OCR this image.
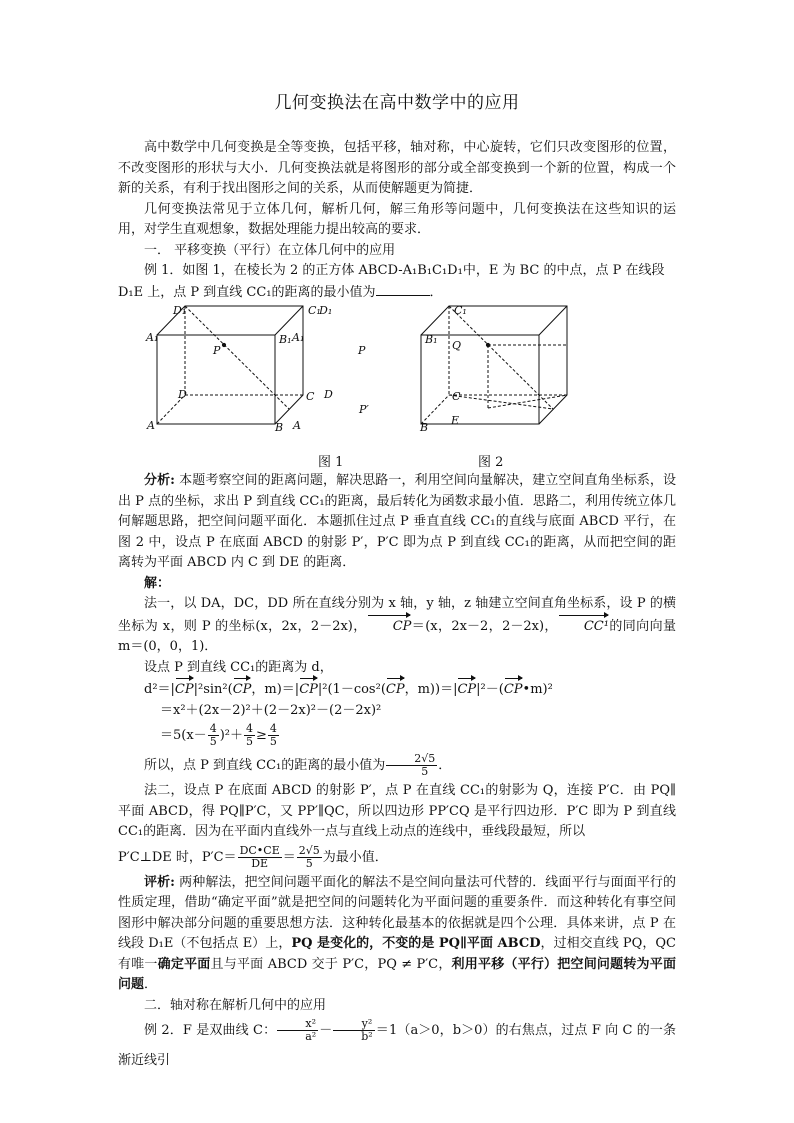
几何变换法在高中数学中的应用

高中数学中几何变换是全等变换，包括平移，轴对称，中心旋转，它们只改变图形的位置，不改变图形的形状与大小．几何变换法就是将图形的部分或全部变换到一个新的位置，构成一个新的关系，有利于找出图形之间的关系，从而使解题更为简捷．

几何变换法常见于立体几何，解析几何，解三角形等问题中，几何变换法在这些知识的运用，对学生直观想象，数据处理能力提出较高的要求．

一． 平移变换（平行）在立体几何中的应用

例 1．如图 1，在棱长为 2 的正方体 ABCD-A₁B₁C₁D₁中，E 为 BC 的中点，点 P 在线段

D₁E 上，点 P 到直线 CC₁的距离的最小值为	．

D₁	C₁
A₁	B₁
P
D	C
A	B
D₁	C₁
A₁	B₁
P	Q
D	C
P′
A	B
E
图 1	图 2

分析: 本题考察空间的距离问题，解决思路一，利用空间向量解决，建立空间直角坐标系，设出 P 点的坐标，求出 P 到直线 CC₁的距离，最后转化为函数求最小值．思路二，利用传统立体几何解题思路，把空间问题平面化．本题抓住过点 P 垂直直线 CC₁的直线与底面 ABCD 平行，在图 2 中，设点 P 在底面 ABCD 的射影 P′，P′C 即为点 P 到直线 CC₁的距离，从而把空间的距离转为平面 ABCD 内 C 到 DE 的距离．

解：

法一，以 DA，DC，DD 所在直线分别为 x 轴，y 轴，z 轴建立空间直角坐标系，设 P 的横坐标为 x，则 P 的坐标(x，2x，2－2x)， CP＝(x，2x－2，2－2x)， CC¹的同向向量 m＝(0，0，1)．

设点 P 到直线 CC₁的距离为 d，

d²＝|CP|²sin²(CP，m)＝|CP|²(1－cos²(CP，m))＝|CP|²－(CP•m)²

＝x²＋(2x－2)²＋(2－2x)²－(2－2x)²

$=5(x- \frac{4}{5} )^2+ \frac{4}{5} \ge \frac{4}{5}$

所以，点 P 到直线 CC₁的距离的最小值为 $\frac{2√5}{5}$ ．

法二，设点 P 在底面 ABCD 的射影 P′，点 P 在直线 CC₁的射影为 Q，连接 P′C．由 PQ∥平面 ABCD，得 PQ∥P′C，又 PP′∥QC，所以四边形 PP′CQ 是平行四边形．P′C 即为 P 到直线 CC₁的距离．因为在平面内直线外一点与直线上动点的连线中，垂线段最短，所以

P′C⊥DE 时，$P'C= \frac{DC•CE}{DE} = \frac{2√5}{5}$ 为最小值．

评析: 两种解法，把空间问题平面化的解法不是空间向量法可代替的．线面平行与面面平行的性质定理，借助“确定平面”就是把空间的问题转化为平面问题的重要条件．而这种转化有事空间图形中解决部分问题的重要思想方法．这种转化最基本的依据就是四个公理．具体来讲，点 P 在线段 D₁E（不包括点 E）上，PQ 是变化的，不变的是 PQ∥平面 ABCD，过相交直线 PQ，QC 有唯一确定平面且与平面 ABCD 交于 P′C，PQ ≠ P′C，利用平移（平行）把空间问题转为平面问题．

二．轴对称在解析几何中的应用

例 2．F 是双曲线 C： $\frac{\text{x²}}{\text{a²}} - \frac{\text{y²}}{\text{b²}} =1(a>0$，b＞0）的右焦点，过点 F 向 C 的一条渐近线引
